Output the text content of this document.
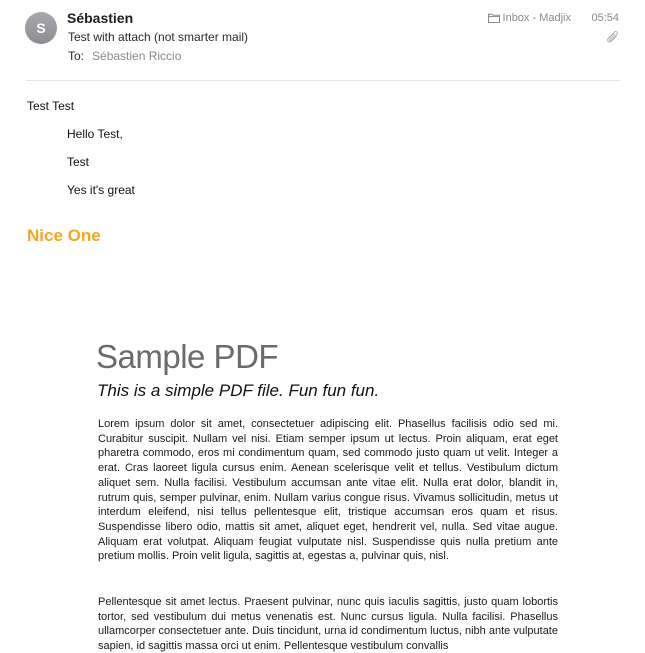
S
Sébastien
Test with attach (not smarter mail)
To: Sébastien Riccio
Inbox - Madjix 05:54
Test Test
Hello Test,
Test
Yes it's great
Nice One
Sample PDF
This is a simple PDF file. Fun fun fun.

Lorem ipsum dolor sit amet, consectetuer adipiscing elit. Phasellus facilisis odio sed mi. Curabitur suscipit. Nullam vel nisi. Etiam semper ipsum ut lectus. Proin aliquam, erat eget pharetra commodo, eros mi condimentum quam, sed commodo justo quam ut velit. Integer a erat. Cras laoreet ligula cursus enim. Aenean scelerisque velit et tellus. Vestibulum dictum aliquet sem. Nulla facilisi. Vestibulum accumsan ante vitae elit. Nulla erat dolor, blandit in, rutrum quis, semper pulvinar, enim. Nullam varius congue risus. Vivamus sollicitudin, metus ut interdum eleifend, nisi tellus pellentesque elit, tristique accumsan eros quam et risus. Suspendisse libero odio, mattis sit amet, aliquet eget, hendrerit vel, nulla. Sed vitae augue. Aliquam erat volutpat. Aliquam feugiat vulputate nisl. Suspendisse quis nulla pretium ante pretium mollis. Proin velit ligula, sagittis at, egestas a, pulvinar quis, nisl.

Pellentesque sit amet lectus. Praesent pulvinar, nunc quis iaculis sagittis, justo quam lobortis tortor, sed vestibulum dui metus venenatis est. Nunc cursus ligula. Nulla facilisi. Phasellus ullamcorper consectetuer ante. Duis tincidunt, urna id condimentum luctus, nibh ante vulputate sapien, id sagittis massa orci ut enim. Pellentesque vestibulum convallis
